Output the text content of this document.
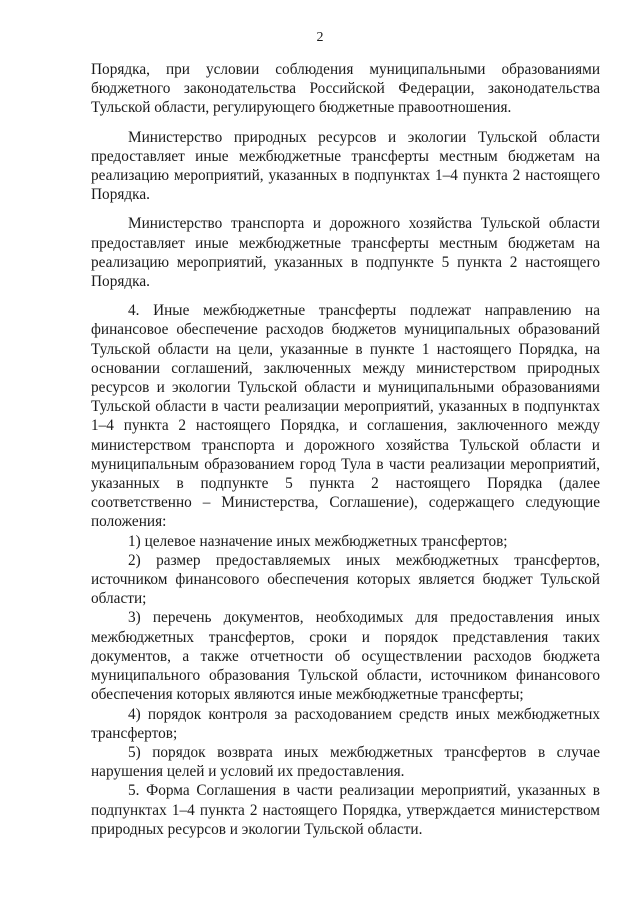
2

Порядка, при условии соблюдения муниципальными образованиями бюджетного законодательства Российской Федерации, законодательства Тульской области, регулирующего бюджетные правоотношения.

Министерство природных ресурсов и экологии Тульской области предоставляет иные межбюджетные трансферты местным бюджетам на реализацию мероприятий, указанных в подпунктах 1–4 пункта 2 настоящего Порядка.

Министерство транспорта и дорожного хозяйства Тульской области предоставляет иные межбюджетные трансферты местным бюджетам на реализацию мероприятий, указанных в подпункте 5 пункта 2 настоящего Порядка.

4. Иные межбюджетные трансферты подлежат направлению на финансовое обеспечение расходов бюджетов муниципальных образований Тульской области на цели, указанные в пункте 1 настоящего Порядка, на основании соглашений, заключенных между министерством природных ресурсов и экологии Тульской области и муниципальными образованиями Тульской области в части реализации мероприятий, указанных в подпунктах 1–4 пункта 2 настоящего Порядка, и соглашения, заключенного между министерством транспорта и дорожного хозяйства Тульской области и муниципальным образованием город Тула в части реализации мероприятий, указанных в подпункте 5 пункта 2 настоящего Порядка (далее соответственно – Министерства, Соглашение), содержащего следующие положения:

1) целевое назначение иных межбюджетных трансфертов;

2) размер предоставляемых иных межбюджетных трансфертов, источником финансового обеспечения которых является бюджет Тульской области;

3) перечень документов, необходимых для предоставления иных межбюджетных трансфертов, сроки и порядок представления таких документов, а также отчетности об осуществлении расходов бюджета муниципального образования Тульской области, источником финансового обеспечения которых являются иные межбюджетные трансферты;

4) порядок контроля за расходованием средств иных межбюджетных трансфертов;

5) порядок возврата иных межбюджетных трансфертов в случае нарушения целей и условий их предоставления.

5. Форма Соглашения в части реализации мероприятий, указанных в подпунктах 1–4 пункта 2 настоящего Порядка, утверждается министерством природных ресурсов и экологии Тульской области.
